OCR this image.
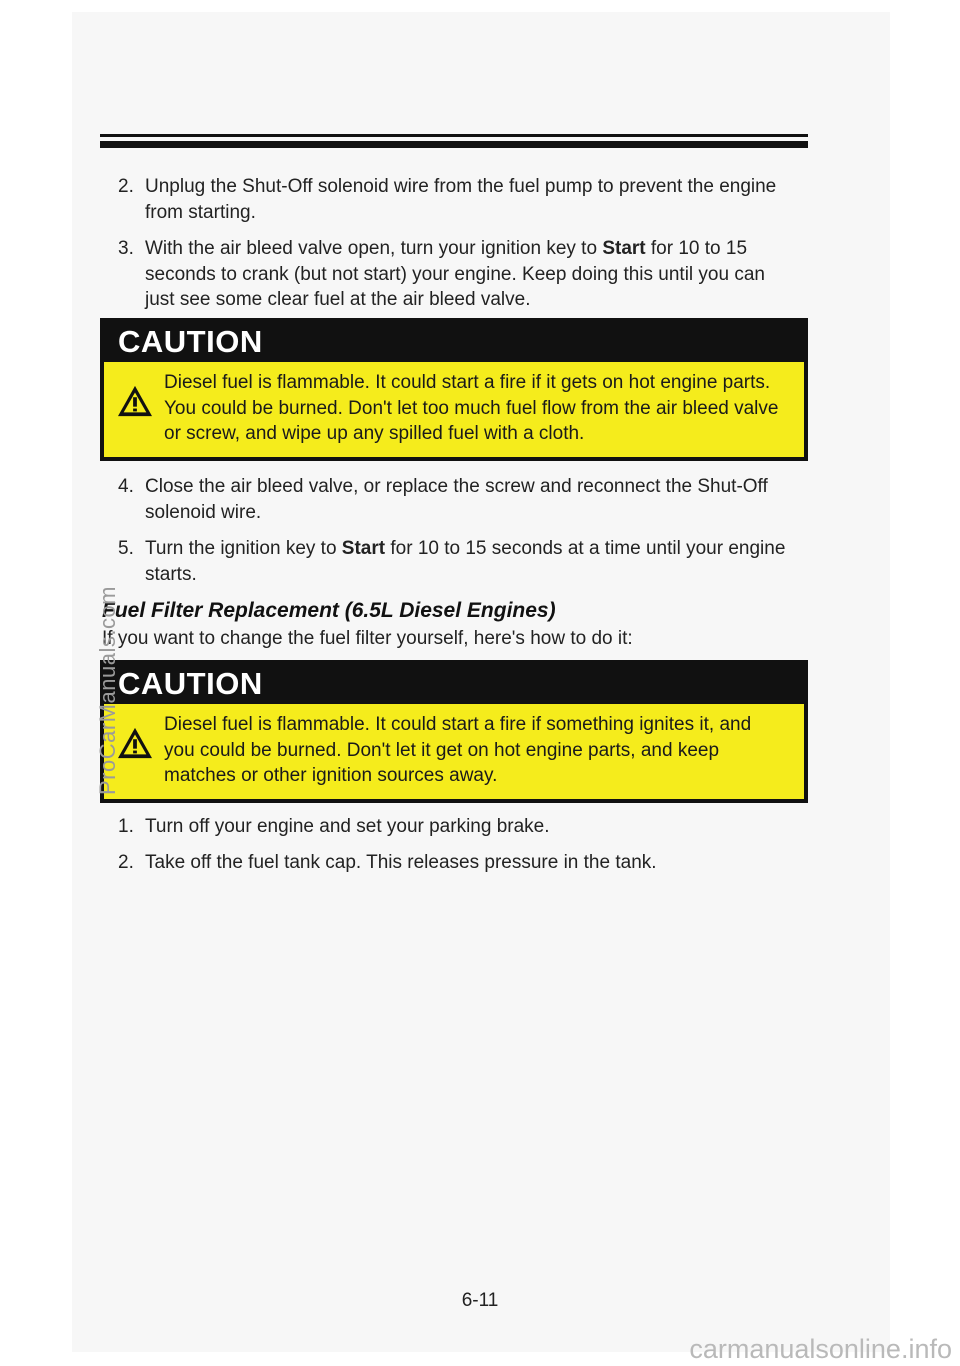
2. Unplug the Shut-Off solenoid wire from the fuel pump to prevent the engine from starting.
3. With the air bleed valve open, turn your ignition key to Start for 10 to 15 seconds to crank (but not start) your engine. Keep doing this until you can just see some clear fuel at the air bleed valve.
CAUTION
Diesel fuel is flammable. It could start a fire if it gets on hot engine parts. You could be burned. Don't let too much fuel flow from the air bleed valve or screw, and wipe up any spilled fuel with a cloth.
4. Close the air bleed valve, or replace the screw and reconnect the Shut-Off solenoid wire.
5. Turn the ignition key to Start for 10 to 15 seconds at a time until your engine starts.
Fuel Filter Replacement (6.5L Diesel Engines)
If you want to change the fuel filter yourself, here's how to do it:
CAUTION
Diesel fuel is flammable. It could start a fire if something ignites it, and you could be burned. Don't let it get on hot engine parts, and keep matches or other ignition sources away.
1. Turn off your engine and set your parking brake.
2. Take off the fuel tank cap. This releases pressure in the tank.
6-11
ProCarManuals.com
carmanualsonline.info
